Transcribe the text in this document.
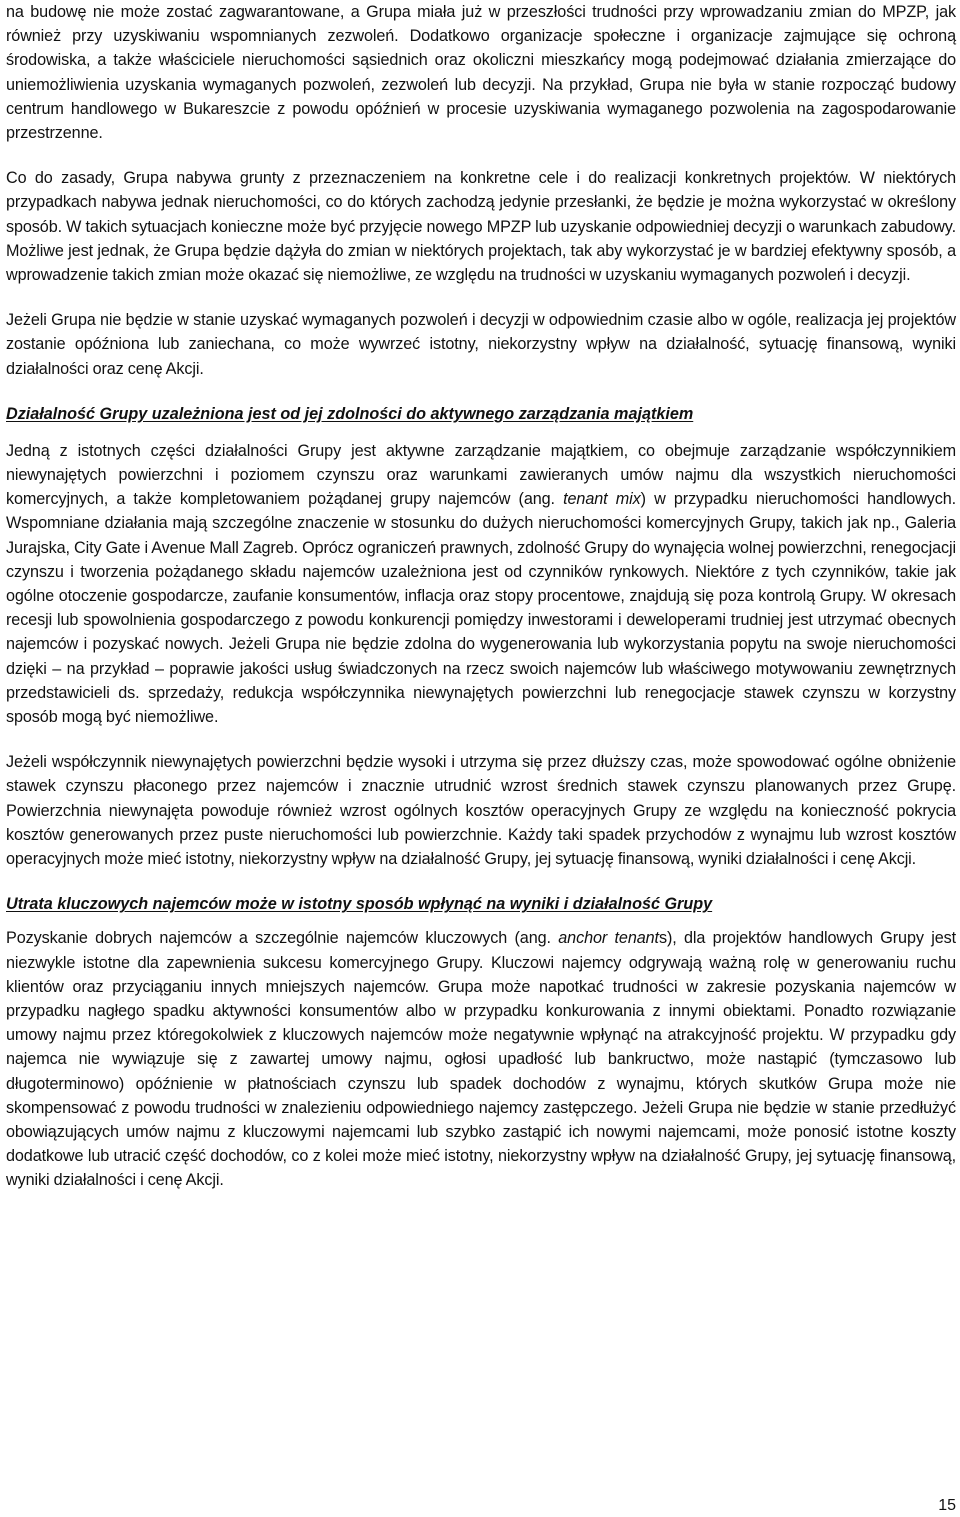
na budowę nie może zostać zagwarantowane, a Grupa miała już w przeszłości trudności przy wprowadzaniu zmian do MPZP, jak również przy uzyskiwaniu wspomnianych zezwoleń. Dodatkowo organizacje społeczne i organizacje zajmujące się ochroną środowiska, a także właściciele nieruchomości sąsiednich oraz okoliczni mieszkańcy mogą podejmować działania zmierzające do uniemożliwienia uzyskania wymaganych pozwoleń, zezwoleń lub decyzji. Na przykład, Grupa nie była w stanie rozpocząć budowy centrum handlowego w Bukareszcie z powodu opóźnień w procesie uzyskiwania wymaganego pozwolenia na zagospodarowanie przestrzenne.

Co do zasady, Grupa nabywa grunty z przeznaczeniem na konkretne cele i do realizacji konkretnych projektów. W niektórych przypadkach nabywa jednak nieruchomości, co do których zachodzą jedynie przesłanki, że będzie je można wykorzystać w określony sposób. W takich sytuacjach konieczne może być przyjęcie nowego MPZP lub uzyskanie odpowiedniej decyzji o warunkach zabudowy. Możliwe jest jednak, że Grupa będzie dążyła do zmian w niektórych projektach, tak aby wykorzystać je w bardziej efektywny sposób, a wprowadzenie takich zmian może okazać się niemożliwe, ze względu na trudności w uzyskaniu wymaganych pozwoleń i decyzji.

Jeżeli Grupa nie będzie w stanie uzyskać wymaganych pozwoleń i decyzji w odpowiednim czasie albo w ogóle, realizacja jej projektów zostanie opóźniona lub zaniechana, co może wywrzeć istotny, niekorzystny wpływ na działalność, sytuację finansową, wyniki działalności oraz cenę Akcji.

Działalność Grupy uzależniona jest od jej zdolności do aktywnego zarządzania majątkiem

Jedną z istotnych części działalności Grupy jest aktywne zarządzanie majątkiem, co obejmuje zarządzanie współczynnikiem niewynajętych powierzchni i poziomem czynszu oraz warunkami zawieranych umów najmu dla wszystkich nieruchomości komercyjnych, a także kompletowaniem pożądanej grupy najemców (ang. tenant mix) w przypadku nieruchomości handlowych. Wspomniane działania mają szczególne znaczenie w stosunku do dużych nieruchomości komercyjnych Grupy, takich jak np., Galeria Jurajska, City Gate i Avenue Mall Zagreb. Oprócz ograniczeń prawnych, zdolność Grupy do wynajęcia wolnej powierzchni, renegocjacji czynszu i tworzenia pożądanego składu najemców uzależniona jest od czynników rynkowych. Niektóre z tych czynników, takie jak ogólne otoczenie gospodarcze, zaufanie konsumentów, inflacja oraz stopy procentowe, znajdują się poza kontrolą Grupy. W okresach recesji lub spowolnienia gospodarczego z powodu konkurencji pomiędzy inwestorami i deweloperami trudniej jest utrzymać obecnych najemców i pozyskać nowych. Jeżeli Grupa nie będzie zdolna do wygenerowania lub wykorzystania popytu na swoje nieruchomości dzięki – na przykład – poprawie jakości usług świadczonych na rzecz swoich najemców lub właściwego motywowaniu zewnętrznych przedstawicieli ds. sprzedaży, redukcja współczynnika niewynajętych powierzchni lub renegocjacje stawek czynszu w korzystny sposób mogą być niemożliwe.

Jeżeli współczynnik niewynajętych powierzchni będzie wysoki i utrzyma się przez dłuższy czas, może spowodować ogólne obniżenie stawek czynszu płaconego przez najemców i znacznie utrudnić wzrost średnich stawek czynszu planowanych przez Grupę. Powierzchnia niewynajęta powoduje również wzrost ogólnych kosztów operacyjnych Grupy ze względu na konieczność pokrycia kosztów generowanych przez puste nieruchomości lub powierzchnie. Każdy taki spadek przychodów z wynajmu lub wzrost kosztów operacyjnych może mieć istotny, niekorzystny wpływ na działalność Grupy, jej sytuację finansową, wyniki działalności i cenę Akcji.

Utrata kluczowych najemców może w istotny sposób wpłynąć na wyniki i działalność Grupy

Pozyskanie dobrych najemców a szczególnie najemców kluczowych (ang. anchor tenants), dla projektów handlowych Grupy jest niezwykle istotne dla zapewnienia sukcesu komercyjnego Grupy. Kluczowi najemcy odgrywają ważną rolę w generowaniu ruchu klientów oraz przyciąganiu innych mniejszych najemców. Grupa może napotkać trudności w zakresie pozyskania najemców w przypadku nagłego spadku aktywności konsumentów albo w przypadku konkurowania z innymi obiektami. Ponadto rozwiązanie umowy najmu przez któregokolwiek z kluczowych najemców może negatywnie wpłynąć na atrakcyjność projektu. W przypadku gdy najemca nie wywiązuje się z zawartej umowy najmu, ogłosi upadłość lub bankructwo, może nastąpić (tymczasowo lub długoterminowo) opóźnienie w płatnościach czynszu lub spadek dochodów z wynajmu, których skutków Grupa może nie skompensować z powodu trudności w znalezieniu odpowiedniego najemcy zastępczego. Jeżeli Grupa nie będzie w stanie przedłużyć obowiązujących umów najmu z kluczowymi najemcami lub szybko zastąpić ich nowymi najemcami, może ponosić istotne koszty dodatkowe lub utracić część dochodów, co z kolei może mieć istotny, niekorzystny wpływ na działalność Grupy, jej sytuację finansową, wyniki działalności i cenę Akcji.

15
